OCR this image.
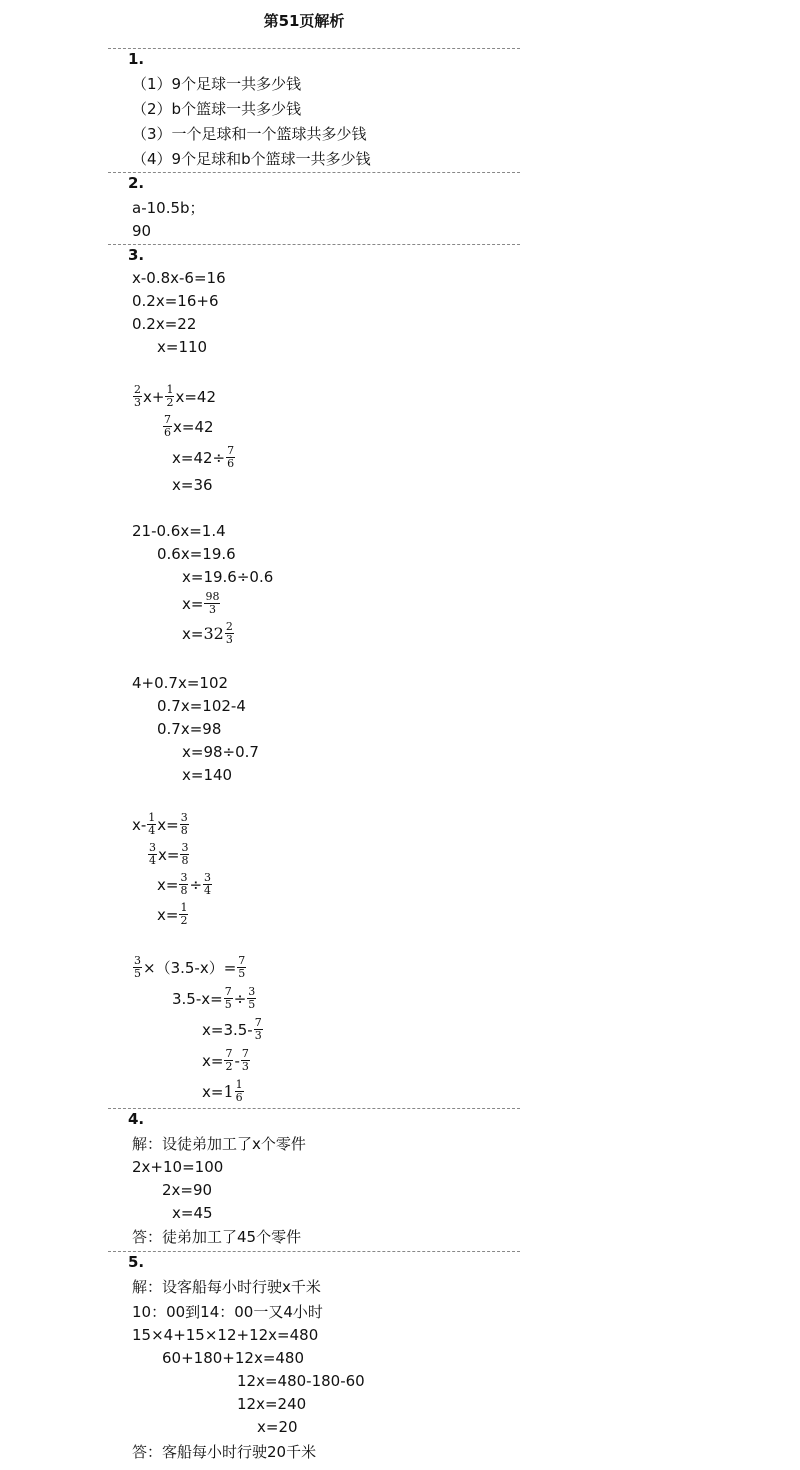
第51页解析
1.
（1）9个足球一共多少钱
（2）b个篮球一共多少钱
（3）一个足球和一个篮球共多少钱
（4）9个足球和b个篮球一共多少钱
2.
a-10.5b；
90
3.
x-0.8x-6=16
0.2x=16+6
0.2x=22
x=110
$\frac{2}{3} x+ \frac{1}{2} x=42$
$\frac{7}{6} x=42$
$x=42\div \frac{7}{6}$
x=36
21-0.6x=1.4
0.6x=19.6
x=19.6÷0.6
$x= \frac{98}{3}$
$x=32 \frac{2}{3}$
4+0.7x=102
0.7x=102-4
0.7x=98
x=98÷0.7
x=140
$x- \frac{1}{4} x= \frac{3}{8}$
$\frac{3}{4} x= \frac{3}{8}$
$x= \frac{3}{8} \div \frac{3}{4}$
$x= \frac{1}{2}$
$\frac{3}{5} \times(3.5-x)= \frac{7}{5}$
$3.5-x= \frac{7}{5} \div \frac{3}{5}$
$x=3.5- \frac{7}{3}$
$x= \frac{7}{2} - \frac{7}{3}$
$x=1 \frac{1}{6}$
4.
解：设徒弟加工了x个零件
2x+10=100
2x=90
x=45
答：徒弟加工了45个零件
5.
解：设客船每小时行驶x千米
10：00到14：00一又4小时
15×4+15×12+12x=480
60+180+12x=480
12x=480-180-60
12x=240
x=20
答：客船每小时行驶20千米
